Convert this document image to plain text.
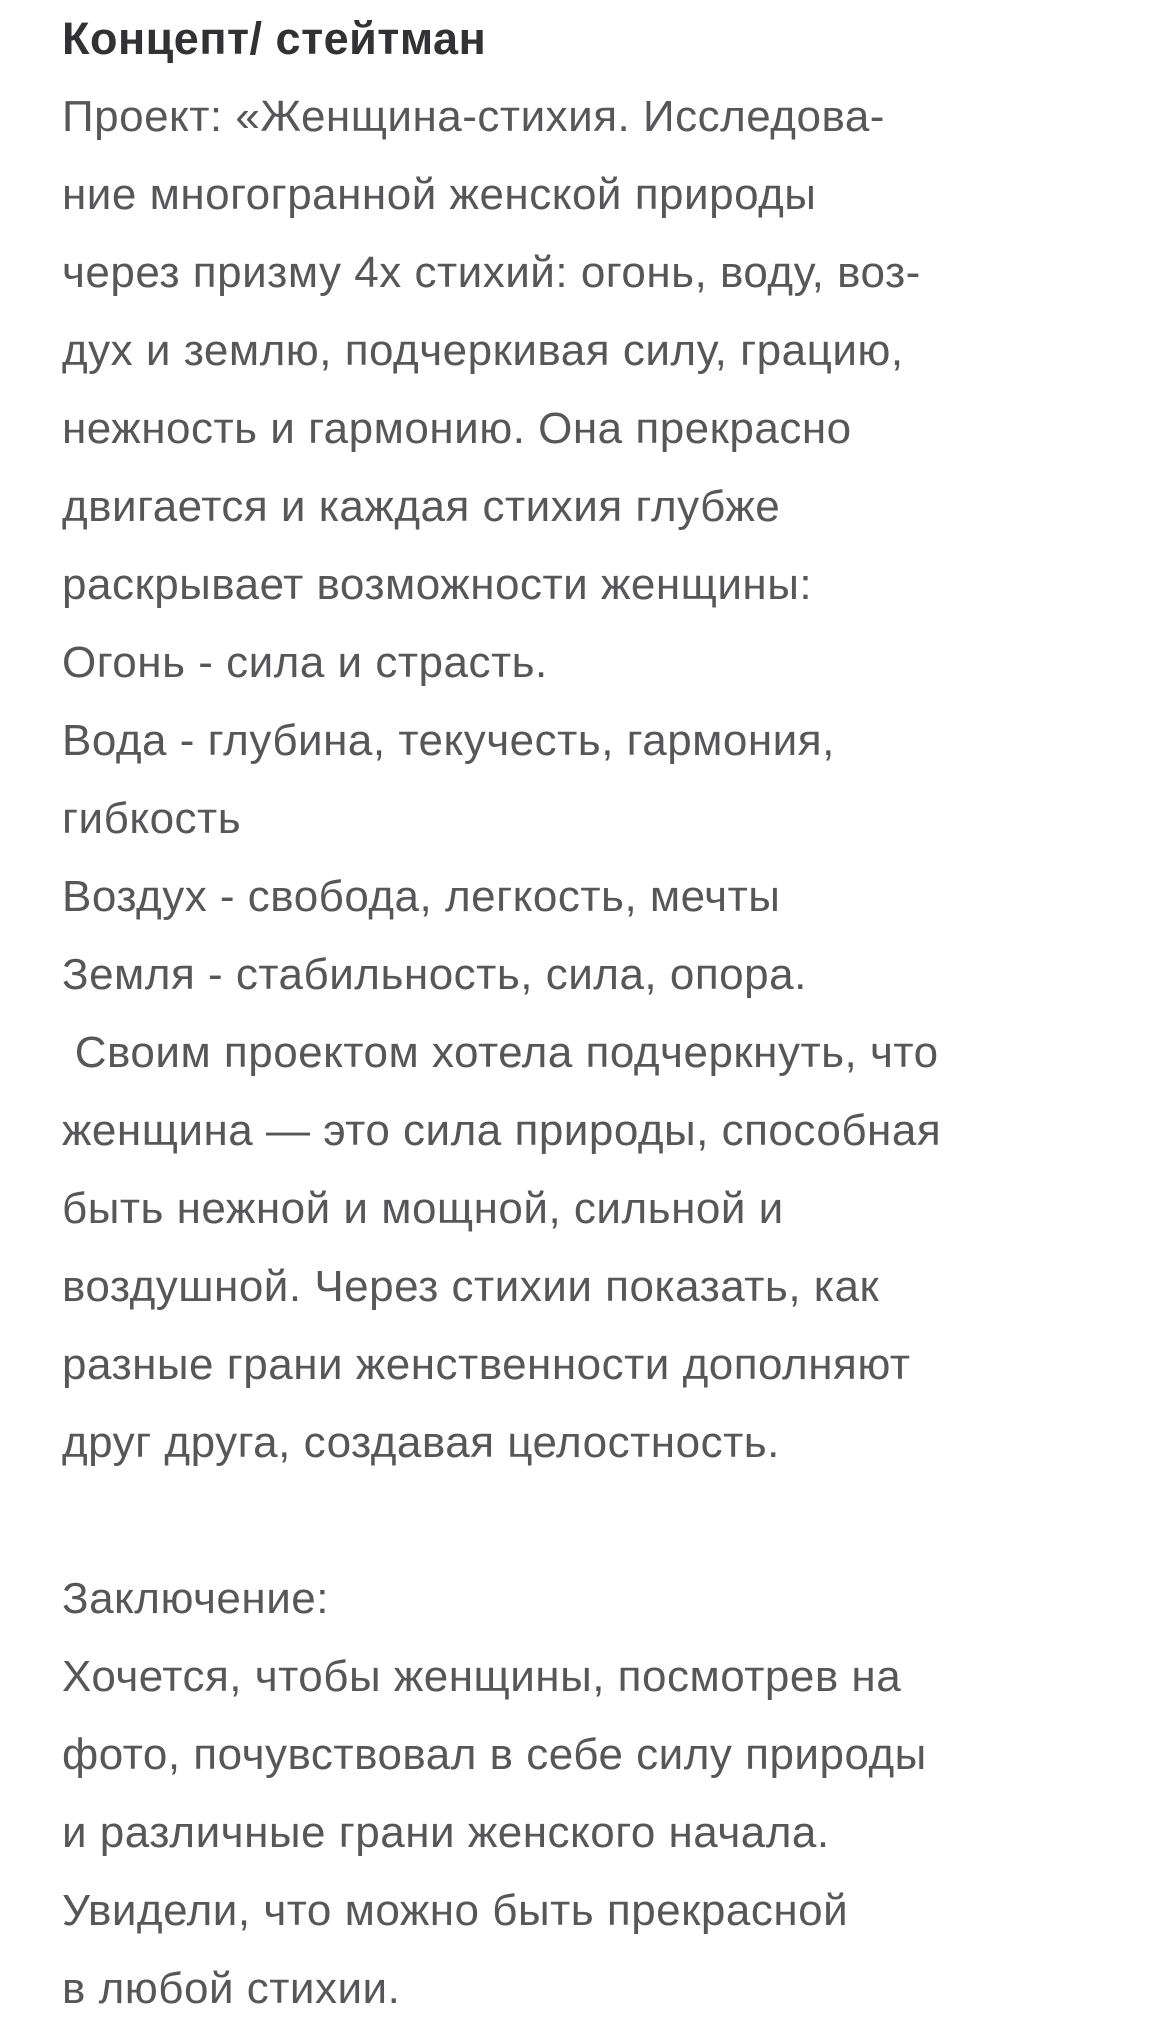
Концепт/ стейтман
Проект: «Женщина-стихия. Исследова-
ние многогранной женской природы
через призму 4х стихий: огонь, воду, воз-
дух и землю, подчеркивая силу, грацию,
нежность и гармонию. Она прекрасно
двигается и каждая стихия глубже
раскрывает возможности женщины:
Огонь - сила и страсть.
Вода - глубина, текучесть, гармония,
гибкость
Воздух - свобода, легкость, мечты
Земля - стабильность, сила, опора.
Своим проектом хотела подчеркнуть, что
женщина — это сила природы, способная
быть нежной и мощной, сильной и
воздушной. Через стихии показать, как
разные грани женственности дополняют
друг друга, создавая целостность.
Заключение:
Хочется, чтобы женщины, посмотрев на
фото, почувствовал в себе силу природы
и различные грани женского начала.
Увидели, что можно быть прекрасной
в любой стихии.
